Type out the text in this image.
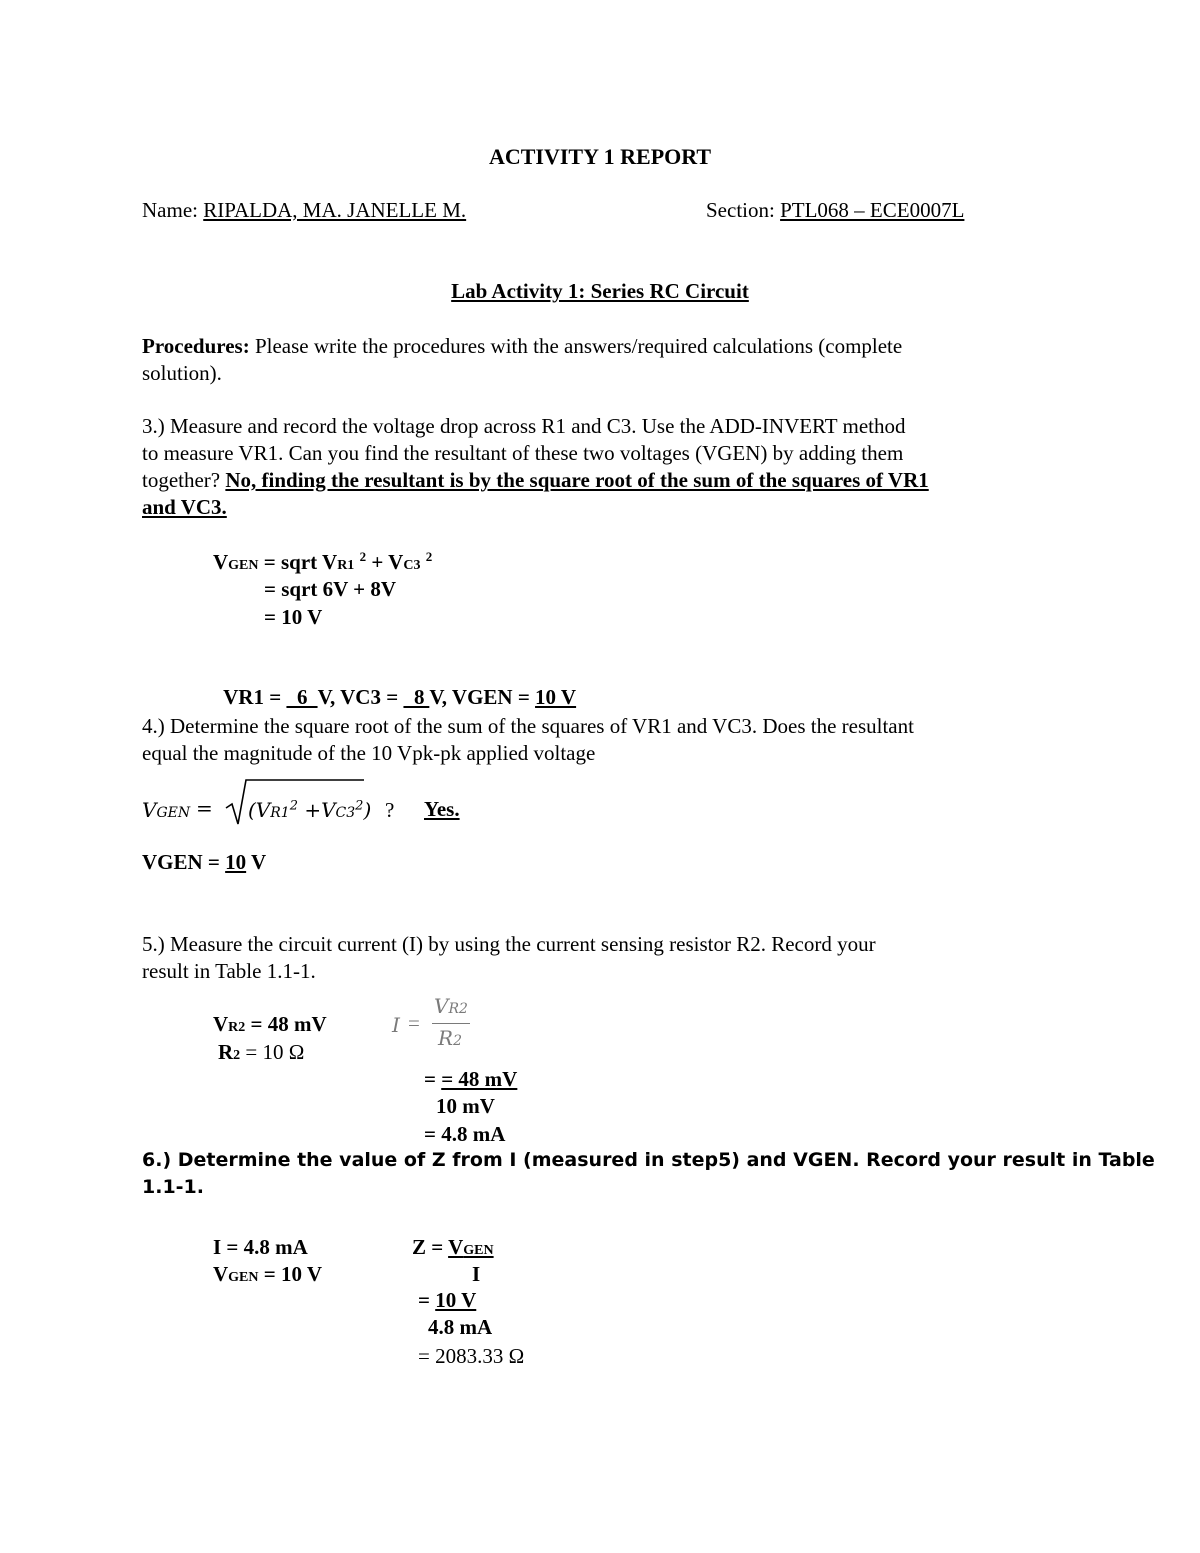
ACTIVITY 1 REPORT
Name: RIPALDA, MA. JANELLE M.	Section: PTL068 – ECE0007L
Lab Activity 1: Series RC Circuit
Procedures: Please write the procedures with the answers/required calculations (complete
solution).
3.) Measure and record the voltage drop across R1 and C3. Use the ADD-INVERT method
to measure VR1. Can you find the resultant of these two voltages (VGEN) by adding them
together? No, finding the resultant is by the square root of the sum of the squares of VR1
and VC3.
VGEN = sqrt VR1 $^2$ + VC3 $^2$
= sqrt 6V + 8V
= 10 V

VR1 =   6  V, VC3 =   8 V, VGEN = 10 V

4.) Determine the square root of the sum of the squares of VR1 and VC3. Does the resultant
equal the magnitude of the 10 Vpk-pk applied voltage
VGEN = $(VR1^2 +VC3^2)$ ? Yes.
VGEN = 10 V
5.) Measure the circuit current (I) by using the current sensing resistor R2. Record your
result in Table 1.1-1.
VR2 = 48 mV
R2 = 10 Ω
I =
VR2
R2
= = 48 mV
10 mV
= 4.8 mA
6.) Determine the value of Z from I (measured in step5) and VGEN. Record your result in Table
1.1-1.
I = 4.8 mA
VGEN = 10 V
Z = VGEN
I
= 10 V
4.8 mA
= 2083.33 Ω
